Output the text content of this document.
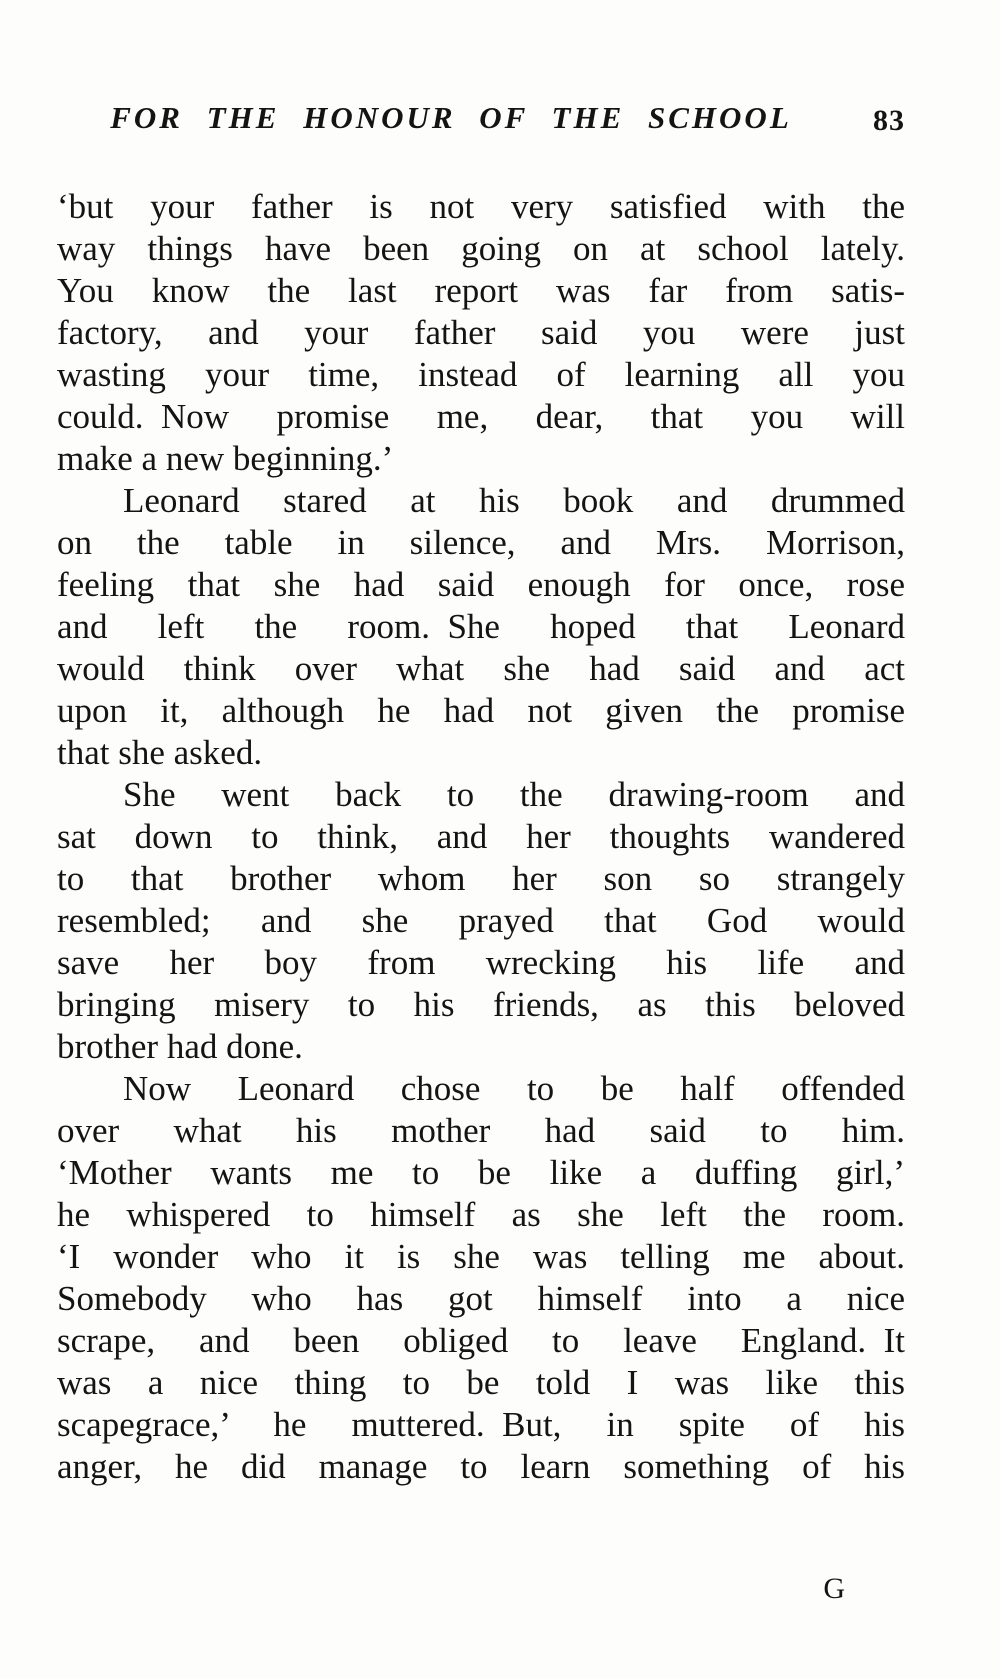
FOR THE HONOUR OF THE SCHOOL	83
‘but your father is not very satisfied with the
way things have been going on at school lately.
You know the last report was far from satis-
factory, and your father said you were just
wasting your time, instead of learning all you
could. Now promise me, dear, that you will
make a new beginning.’
Leonard stared at his book and drummed
on the table in silence, and Mrs. Morrison,
feeling that she had said enough for once, rose
and left the room. She hoped that Leonard
would think over what she had said and act
upon it, although he had not given the promise
that she asked.
She went back to the drawing-room and
sat down to think, and her thoughts wandered
to that brother whom her son so strangely
resembled; and she prayed that God would
save her boy from wrecking his life and
bringing misery to his friends, as this beloved
brother had done.
Now Leonard chose to be half offended
over what his mother had said to him.
‘Mother wants me to be like a duffing girl,’
he whispered to himself as she left the room.
‘I wonder who it is she was telling me about.
Somebody who has got himself into a nice
scrape, and been obliged to leave England. It
was a nice thing to be told I was like this
scapegrace,’ he muttered. But, in spite of his
anger, he did manage to learn something of his
G
